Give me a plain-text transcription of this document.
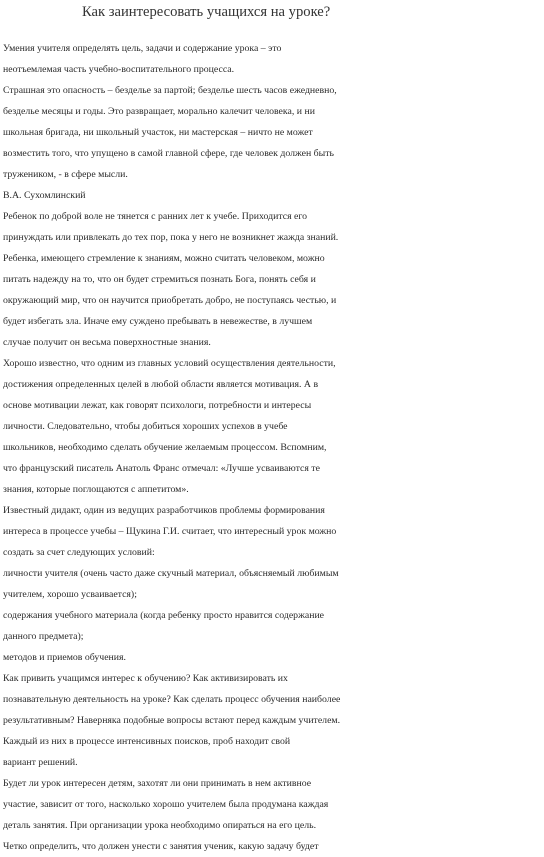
Как заинтересовать учащихся на уроке?
Умения учителя определять цель, задачи и содержание урока – это
неотъемлемая часть учебно-воспитательного процесса.
Страшная это опасность – безделье за партой; безделье шесть часов ежедневно,
безделье месяцы и годы. Это развращает, морально калечит человека, и ни
школьная бригада, ни школьный участок, ни мастерская – ничто не может
возместить того, что упущено в самой главной сфере, где человек должен быть
тружеником, - в сфере мысли.
В.А. Сухомлинский
Ребенок по доброй воле не тянется с ранних лет к учебе. Приходится его
принуждать или привлекать до тех пор, пока у него не возникнет жажда знаний.
Ребенка, имеющего стремление к знаниям, можно считать человеком, можно
питать надежду на то, что он будет стремиться познать Бога, понять себя и
окружающий мир, что он научится приобретать добро, не поступаясь честью, и
будет избегать зла. Иначе ему суждено пребывать в невежестве, в лучшем
случае получит он весьма поверхностные знания.
Хорошо известно, что одним из главных условий осуществления деятельности,
достижения определенных целей в любой области является мотивация. А в
основе мотивации лежат, как говорят психологи, потребности и интересы
личности. Следовательно, чтобы добиться хороших успехов в учебе
школьников, необходимо сделать обучение желаемым процессом. Вспомним,
что французский писатель Анатоль Франс отмечал: «Лучше усваиваются те
знания, которые поглощаются с аппетитом».
Известный дидакт, один из ведущих разработчиков проблемы формирования
интереса в процессе учебы – Щукина Г.И. считает, что интересный урок можно
создать за счет следующих условий:
личности учителя (очень часто даже скучный материал, объясняемый любимым
учителем, хорошо усваивается);
содержания учебного материала (когда ребенку просто нравится содержание
данного предмета);
методов и приемов обучения.
Как привить учащимся интерес к обучению? Как активизировать их
познавательную деятельность на уроке? Как сделать процесс обучения наиболее
результативным? Наверняка подобные вопросы встают перед каждым учителем.
Каждый из них в процессе интенсивных поисков, проб находит свой
вариант решений.
Будет ли урок интересен детям, захотят ли они принимать в нем активное
участие, зависит от того, насколько хорошо учителем была продумана каждая
деталь занятия. При организации урока необходимо опираться на его цель.
Четко определить, что должен унести с занятия ученик, какую задачу будет
